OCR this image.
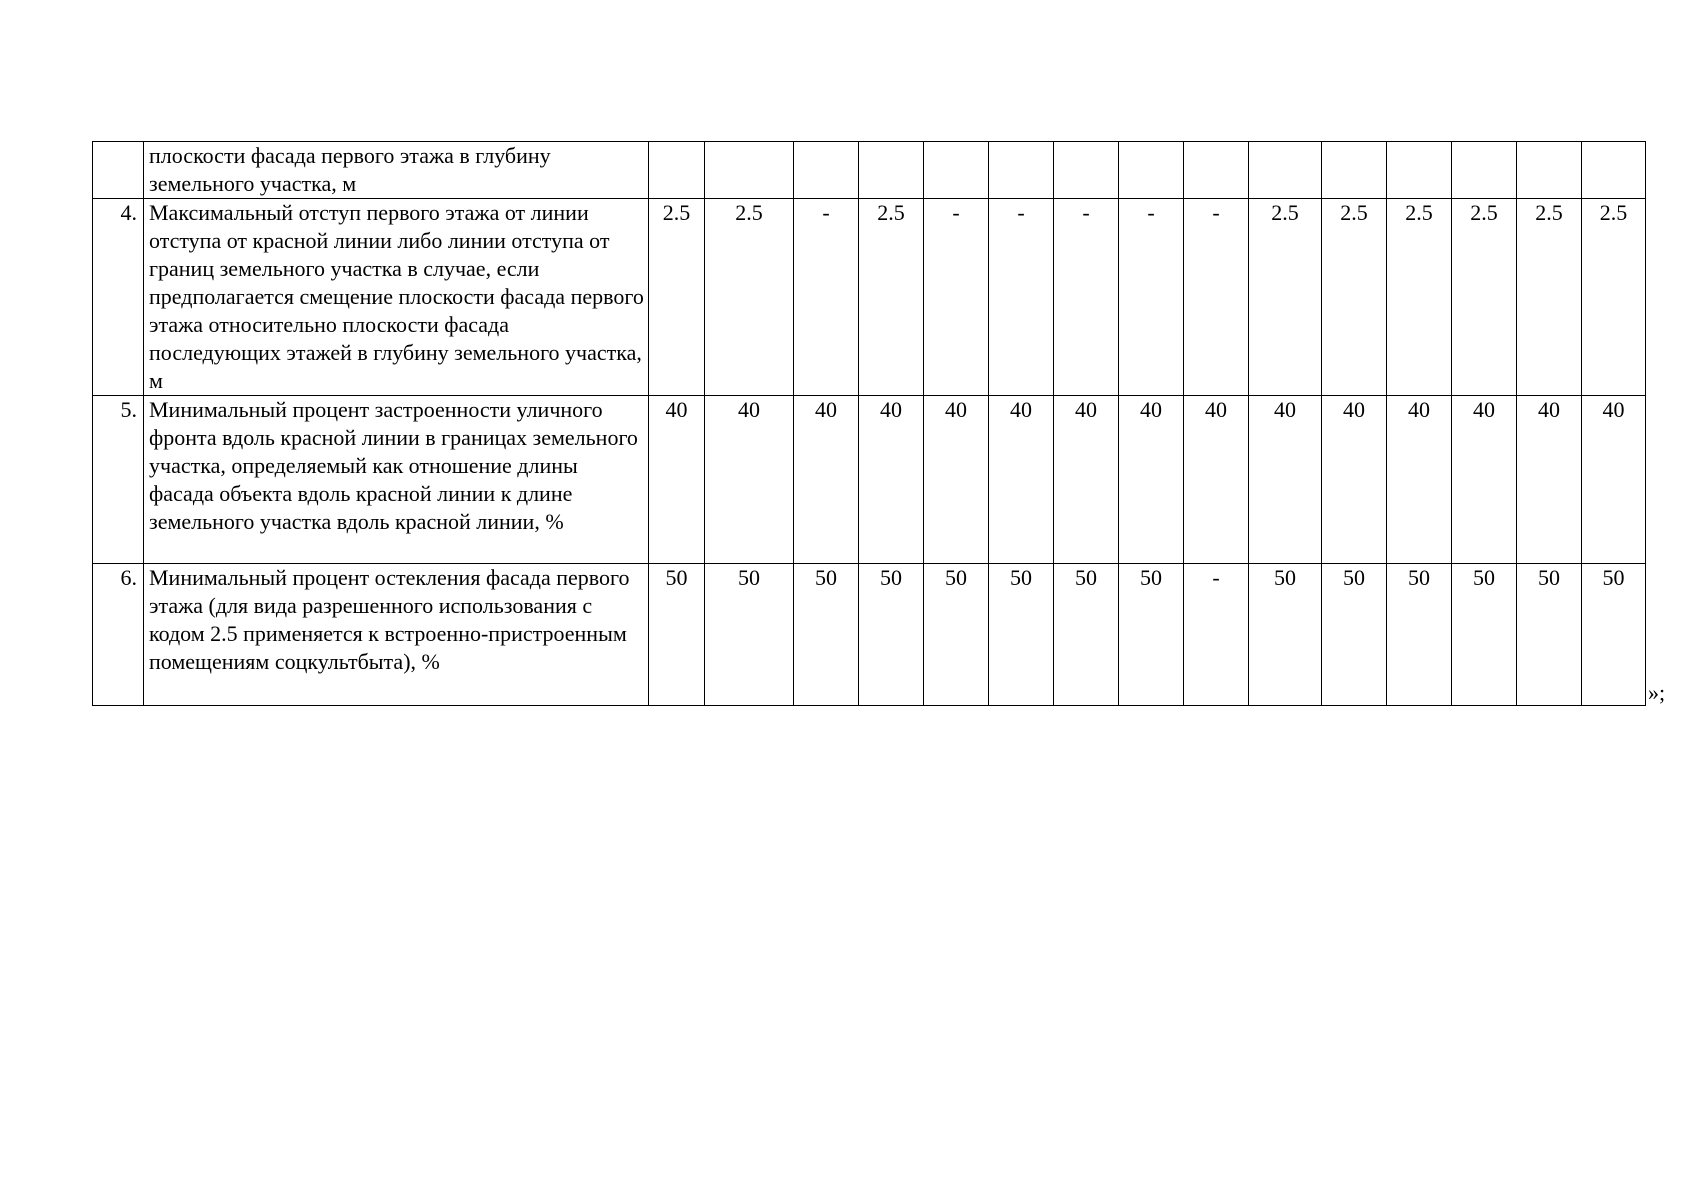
	плоскости фасада первого этажа в глубину земельного участка, м															
4.	Максимальный отступ первого этажа от линии отступа от красной линии либо линии отступа от границ земельного участка в случае, если предполагается смещение плоскости фасада первого этажа относительно плоскости фасада последующих этажей в глубину земельного участка, м	2.5	2.5	-	2.5	-	-	-	-	-	2.5	2.5	2.5	2.5	2.5	2.5
5.	Минимальный процент застроенности уличного фронта вдоль красной линии в границах земельного участка, определяемый как отношение длины фасада объекта вдоль красной линии к длине земельного участка вдоль красной линии, %	40	40	40	40	40	40	40	40	40	40	40	40	40	40	40
6.	Минимальный процент остекления фасада первого этажа (для вида разрешенного использования с кодом 2.5 применяется к встроенно-пристроенным помещениям соцкультбыта), %	50	50	50	50	50	50	50	50	-	50	50	50	50	50	50
»;
